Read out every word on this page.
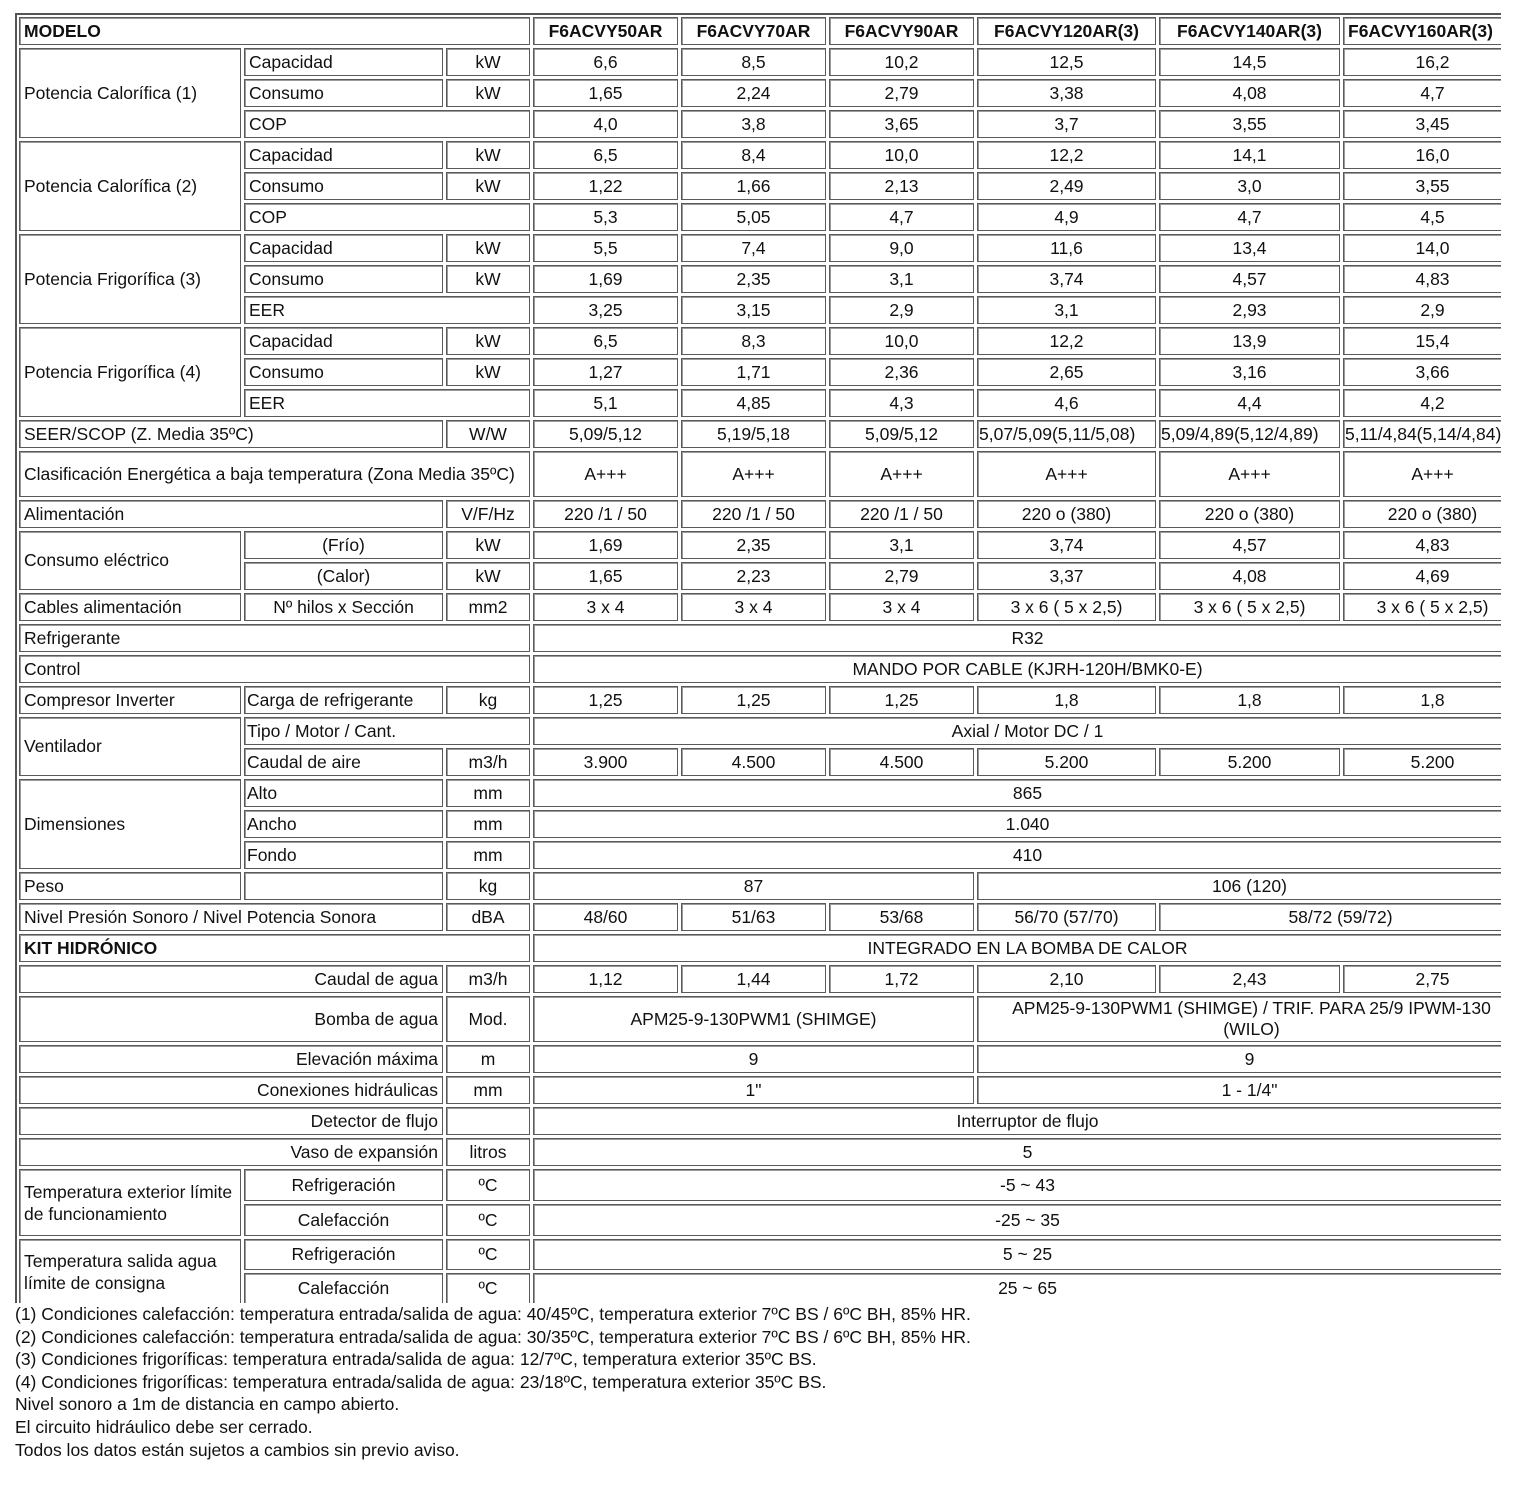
MODELO			F6ACVY50AR	F6ACVY70AR	F6ACVY90AR	F6ACVY120AR(3)	F6ACVY140AR(3)	F6ACVY160AR(3)
Potencia Calorífica (1)	Capacidad	kW	6,6	8,5	10,2	12,5	14,5	16,2
	Consumo	kW	1,65	2,24	2,79	3,38	4,08	4,7
	COP		4,0	3,8	3,65	3,7	3,55	3,45
Potencia Calorífica (2)	Capacidad	kW	6,5	8,4	10,0	12,2	14,1	16,0
	Consumo	kW	1,22	1,66	2,13	2,49	3,0	3,55
	COP		5,3	5,05	4,7	4,9	4,7	4,5
Potencia Frigorífica (3)	Capacidad	kW	5,5	7,4	9,0	11,6	13,4	14,0
	Consumo	kW	1,69	2,35	3,1	3,74	4,57	4,83
	EER		3,25	3,15	2,9	3,1	2,93	2,9
Potencia Frigorífica (4)	Capacidad	kW	6,5	8,3	10,0	12,2	13,9	15,4
	Consumo	kW	1,27	1,71	2,36	2,65	3,16	3,66
	EER		5,1	4,85	4,3	4,6	4,4	4,2
SEER/SCOP (Z. Media 35ºC)		W/W	5,09/5,12	5,19/5,18	5,09/5,12	5,07/5,09(5,11/5,08)	5,09/4,89(5,12/4,89)	5,11/4,84(5,14/4,84)
Clasificación Energética a baja temperatura (Zona Media 35ºC)			A+++	A+++	A+++	A+++	A+++	A+++
Alimentación		V/F/Hz	220 /1 / 50	220 /1 / 50	220 /1 / 50	220 o (380)	220 o (380)	220 o (380)
Consumo eléctrico	(Frío)	kW	1,69	2,35	3,1	3,74	4,57	4,83
	(Calor)	kW	1,65	2,23	2,79	3,37	4,08	4,69
Cables alimentación	Nº hilos x Sección	mm2	3 x 4	3 x 4	3 x 4	3 x 6 ( 5 x 2,5)	3 x 6 ( 5 x 2,5)	3 x 6 ( 5 x 2,5)
Refrigerante			R32					
Control			MANDO POR CABLE (KJRH-120H/BMK0-E)					
Compresor Inverter	Carga de refrigerante	kg	1,25	1,25	1,25	1,8	1,8	1,8
Ventilador	Tipo / Motor / Cant.		Axial / Motor DC / 1					
	Caudal de aire	m3/h	3.900	4.500	4.500	5.200	5.200	5.200
Dimensiones	Alto	mm	865					
	Ancho	mm	1.040					
	Fondo	mm	410					
Peso		kg	87			106 (120)		
Nivel Presión Sonoro / Nivel Potencia Sonora		dBA	48/60	51/63	53/68	56/70 (57/70)	58/72 (59/72)	
KIT HIDRÓNICO			INTEGRADO EN LA BOMBA DE CALOR					
Caudal de agua		m3/h	1,12	1,44	1,72	2,10	2,43	2,75
Bomba de agua		Mod.	APM25-9-130PWM1 (SHIMGE)			APM25-9-130PWM1 (SHIMGE) / TRIF. PARA 25/9 IPWM-130 (WILO)		
Elevación máxima		m	9			9		
Conexiones hidráulicas		mm	1"			1 - 1/4"		
Detector de flujo			Interruptor de flujo					
Vaso de expansión		litros	5					
Temperatura exterior límite de funcionamiento	Refrigeración	ºC	-5 ~ 43					
	Calefacción	ºC	-25 ~ 35					
Temperatura salida agua límite de consigna	Refrigeración	ºC	5 ~ 25					
	Calefacción	ºC	25 ~ 65					
(1) Condiciones calefacción: temperatura entrada/salida de agua: 40/45ºC, temperatura exterior 7ºC BS / 6ºC BH, 85% HR.
(2) Condiciones calefacción: temperatura entrada/salida de agua: 30/35ºC, temperatura exterior 7ºC BS / 6ºC BH, 85% HR.
(3) Condiciones frigoríficas: temperatura entrada/salida de agua: 12/7ºC, temperatura exterior 35ºC BS.
(4) Condiciones frigoríficas: temperatura entrada/salida de agua: 23/18ºC, temperatura exterior 35ºC BS.
Nivel sonoro a 1m de distancia en campo abierto.
El circuito hidráulico debe ser cerrado.
Todos los datos están sujetos a cambios sin previo aviso.
